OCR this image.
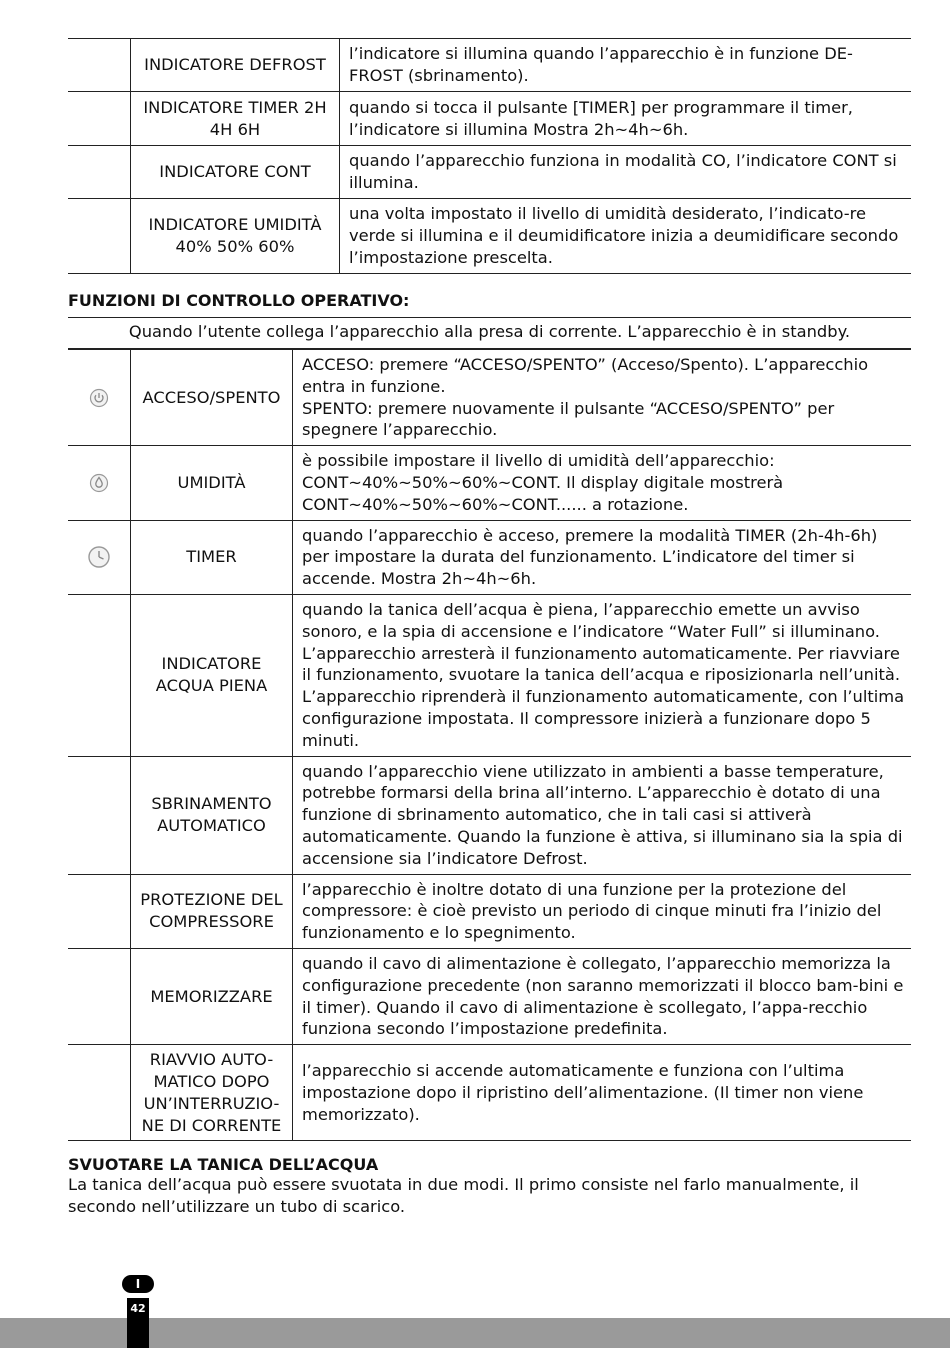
	INDICATORE DEFROST	l’indicatore si illumina quando l’apparecchio è in funzione DE-FROST (sbrinamento).
	INDICATORE TIMER 2H 4H 6H	quando si tocca il pulsante [TIMER] per programmare il timer, l’indicatore si illumina Mostra 2h~4h~6h.
	INDICATORE CONT	quando l’apparecchio funziona in modalità CO, l’indicatore CONT si illumina.
	INDICATORE UMIDITÀ 40% 50% 60%	una volta impostato il livello di umidità desiderato, l’indicato-re verde si illumina e il deumidificatore inizia a deumidificare secondo l’impostazione prescelta.
FUNZIONI DI CONTROLLO OPERATIVO:
Quando l’utente collega l’apparecchio alla presa di corrente. L’apparecchio è in standby.
	ACCESO/SPENTO	ACCESO: premere “ACCESO/SPENTO” (Acceso/Spento). L’apparecchio entra in funzione.
SPENTO: premere nuovamente il pulsante “ACCESO/SPENTO” per spegnere l’apparecchio.

	UMIDITÀ	è possibile impostare il livello di umidità dell’apparecchio: CONT~40%~50%~60%~CONT. Il display digitale mostrerà CONT~40%~50%~60%~CONT...... a rotazione.

	TIMER	quando l’apparecchio è acceso, premere la modalità TIMER (2h-4h-6h) per impostare la durata del funzionamento. L’indicatore del timer si accende. Mostra 2h~4h~6h.

	INDICATORE ACQUA PIENA	quando la tanica dell’acqua è piena, l’apparecchio emette un avviso sonoro, e la spia di accensione e l’indicatore “Water Full” si illuminano. L’apparecchio arresterà il funzionamento automaticamente. Per riavviare il funzionamento, svuotare la tanica dell’acqua e riposizionarla nell’unità. L’apparecchio riprenderà il funzionamento automaticamente, con l’ultima configurazione impostata. Il compressore inizierà a funzionare dopo 5 minuti.

	SBRINAMENTO AUTOMATICO	quando l’apparecchio viene utilizzato in ambienti a basse temperature, potrebbe formarsi della brina all’interno. L’apparecchio è dotato di una funzione di sbrinamento automatico, che in tali casi si attiverà automaticamente. Quando la funzione è attiva, si illuminano sia la spia di accensione sia l’indicatore Defrost.

	PROTEZIONE DEL COMPRESSORE	l’apparecchio è inoltre dotato di una funzione per la protezione del compressore: è cioè previsto un periodo di cinque minuti fra l’inizio del funzionamento e lo spegnimento.

	MEMORIZZARE	quando il cavo di alimentazione è collegato, l’apparecchio memorizza la configurazione precedente (non saranno memorizzati il blocco bam-bini e il timer). Quando il cavo di alimentazione è scollegato, l’appa-recchio funziona secondo l’impostazione predefinita.

	RIAVVIO AUTO-MATICO DOPO UN’INTERRUZIO-NE DI CORRENTE	l’apparecchio si accende automaticamente e funziona con l’ultima impostazione dopo il ripristino dell’alimentazione. (Il timer non viene memorizzato).
SVUOTARE LA TANICA DELL’ACQUA

La tanica dell’acqua può essere svuotata in due modi. Il primo consiste nel farlo manualmente, il secondo nell’utilizzare un tubo di scarico.

I
42
